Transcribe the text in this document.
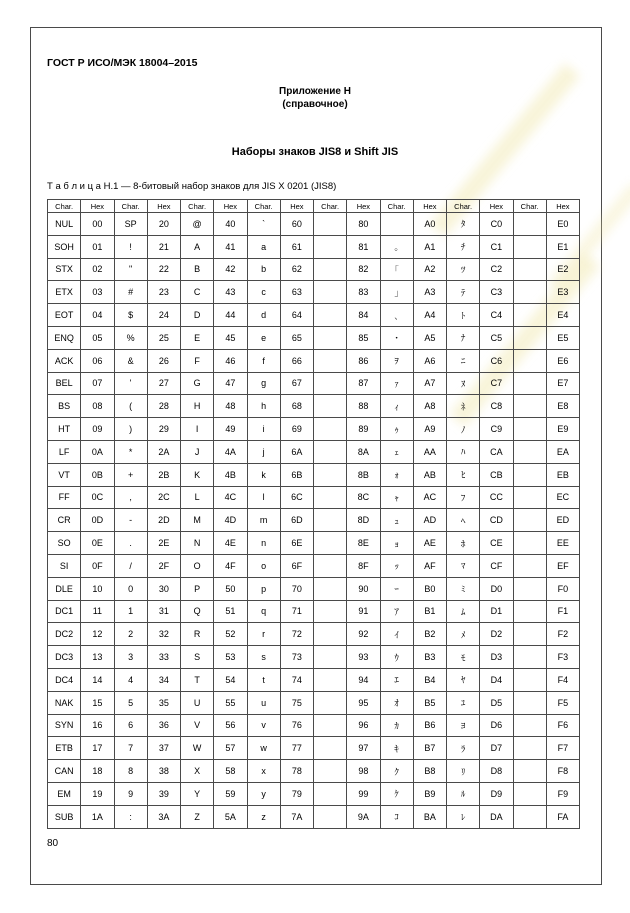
ГОСТ Р ИСО/МЭК 18004–2015
Приложение Н
(справочное)
Наборы знаков JIS8 и Shift JIS
Т а б л и ц а Н.1 — 8-битовый набор знаков для JIS X 0201 (JIS8)
Char.	Hex	Char.	Hex	Char.	Hex	Char.	Hex	Char.	Hex	Char.	Hex	Char.	Hex	Char.	Hex
NUL	00	SP	20	@	40	`	60		80		A0	ﾀ	C0		E0
SOH	01	!	21	A	41	a	61		81	｡	A1	ﾁ	C1		E1
STX	02	"	22	B	42	b	62		82	｢	A2	ﾂ	C2		E2
ETX	03	#	23	C	43	c	63		83	｣	A3	ﾃ	C3		E3
EOT	04	$	24	D	44	d	64		84	､	A4	ﾄ	C4		E4
ENQ	05	%	25	E	45	e	65		85	･	A5	ﾅ	C5		E5
ACK	06	&	26	F	46	f	66		86	ｦ	A6	ﾆ	C6		E6
BEL	07	'	27	G	47	g	67		87	ｧ	A7	ﾇ	C7		E7
BS	08	(	28	H	48	h	68		88	ｨ	A8	ﾈ	C8		E8
HT	09	)	29	I	49	i	69		89	ｩ	A9	ﾉ	C9		E9
LF	0A	*	2A	J	4A	j	6A		8A	ｪ	AA	ﾊ	CA		EA
VT	0B	+	2B	K	4B	k	6B		8B	ｫ	AB	ﾋ	CB		EB
FF	0C	,	2C	L	4C	l	6C		8C	ｬ	AC	ﾌ	CC		EC
CR	0D	-	2D	M	4D	m	6D		8D	ｭ	AD	ﾍ	CD		ED
SO	0E	.	2E	N	4E	n	6E		8E	ｮ	AE	ﾎ	CE		EE
SI	0F	/	2F	O	4F	o	6F		8F	ｯ	AF	ﾏ	CF		EF
DLE	10	0	30	P	50	p	70		90	ｰ	B0	ﾐ	D0		F0
DC1	11	1	31	Q	51	q	71		91	ｱ	B1	ﾑ	D1		F1
DC2	12	2	32	R	52	r	72		92	ｲ	B2	ﾒ	D2		F2
DC3	13	3	33	S	53	s	73		93	ｳ	B3	ﾓ	D3		F3
DC4	14	4	34	T	54	t	74		94	ｴ	B4	ﾔ	D4		F4
NAK	15	5	35	U	55	u	75		95	ｵ	B5	ﾕ	D5		F5
SYN	16	6	36	V	56	v	76		96	ｶ	B6	ﾖ	D6		F6
ETB	17	7	37	W	57	w	77		97	ｷ	B7	ﾗ	D7		F7
CAN	18	8	38	X	58	x	78		98	ｸ	B8	ﾘ	D8		F8
EM	19	9	39	Y	59	y	79		99	ｹ	B9	ﾙ	D9		F9
SUB	1A	:	3A	Z	5A	z	7A		9A	ｺ	BA	ﾚ	DA		FA
80
